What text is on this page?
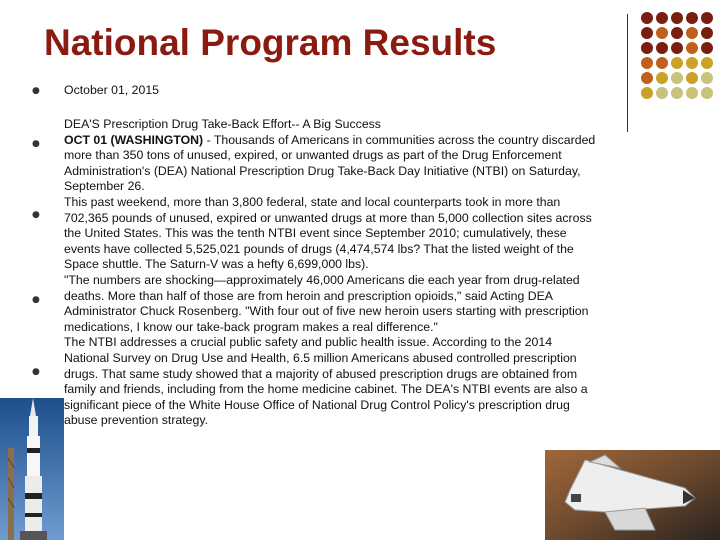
National Program Results
●
●
●
●
●
October 01, 2015
DEA'S Prescription Drug Take-Back Effort-- A Big Success
OCT 01 (WASHINGTON) - Thousands of Americans in communities across the country discarded
more than 350 tons of unused, expired, or unwanted drugs as part of the Drug Enforcement
Administration's (DEA) National Prescription Drug Take-Back Day Initiative (NTBI) on Saturday,
September 26.
This past weekend, more than 3,800 federal, state and local counterparts took in more than
702,365 pounds of unused, expired or unwanted drugs at more than 5,000 collection sites across
the United States. This was the tenth NTBI event since September 2010; cumulatively, these
events have collected 5,525,021 pounds of drugs (4,474,574 lbs? That the listed weight of the
Space shuttle. The Saturn-V was a hefty 6,699,000 lbs).
"The numbers are shocking—approximately 46,000 Americans die each year from drug-related
deaths. More than half of those are from heroin and prescription opioids," said Acting DEA
Administrator Chuck Rosenberg. "With four out of five new heroin users starting with prescription
medications, I know our take-back program makes a real difference."
The NTBI addresses a crucial public safety and public health issue. According to the 2014
National Survey on Drug Use and Health, 6.5 million Americans abused controlled prescription
drugs. That same study showed that a majority of abused prescription drugs are obtained from
family and friends, including from the home medicine cabinet. The DEA's NTBI events are also a
significant piece of the White House Office of National Drug Control Policy's prescription drug
abuse prevention strategy.
